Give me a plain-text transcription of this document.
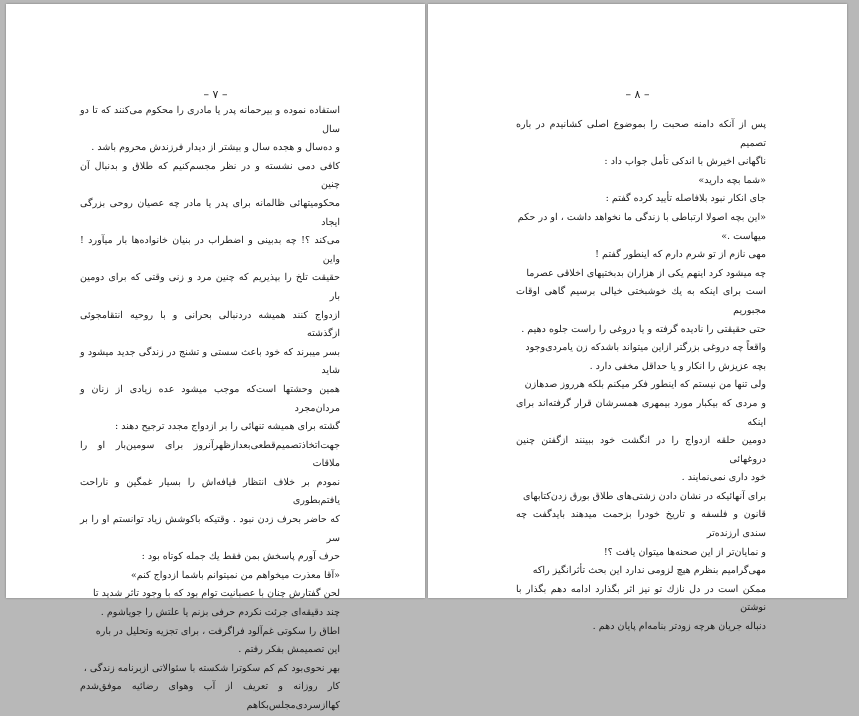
– ۷ –

استفاده نموده و بیرحمانه پدر یا مادری را محکوم می‌کنند که تا دو سال

و ده‌سال و هجده سال و بیشتر از دیدار فرزندش محروم باشد .

کافی دمی نشسته و در نظر مجسم‌کنیم که طلاق و بدنبال آن چنین

محکومیتهائی ظالمانه برای پدر یا مادر چه عصیان روحی بزرگی ایجاد

می‌کند ؟! چه بدبینی و اضطراب در بنیان خانواده‌ها بار میآورد ! واین

حقیقت تلخ را بپذیریم که چنین مرد و زنی وقتی که برای دومین بار

ازدواج کنند همیشه دردنبالی بحرانی و با روحیه انتقامجوئی ازگذشته

بسر میبرند که خود باعث سستی و تشنج در زندگی جدید میشود و شاید

همین وحشتها است‌که موجب میشود عده زیادی از زنان و مردان‌مجرد

گشته برای همیشه تنهائی را بر ازدواج مجدد ترجیح دهند :

جهت‌اتخاذتصمیم‌قطعی‌بعدازظهرآنروز برای سومین‌بار او را ملاقات

نمودم بر خلاف انتظار قیافه‌اش را بسیار غمگین و ناراحت یافتم‌بطوری

که حاضر بحرف زدن نبود . وقتیکه باکوشش زیاد توانستم او را بر سر

حرف آورم پاسخش بمن فقط یك جمله کوتاه بود :

«آقا معذرت میخواهم من نمیتوانم باشما ازدواج کنم»

لحن گفتارش چنان با عصبانیت توام بود که با وجود تاثر شدید تا

چند دقیقه‌ای جرئت نکردم حرفی بزنم یا علتش را جویاشوم .

اطاق را سکوتی غم‌آلود فراگرفت ، برای تجزیه وتحلیل در باره

این تصمیمش بفکر رفتم .

بهر نحوی‌بود کم کم سکوترا شکسته با سئوالاتی ازبرنامه زندگی ،

کار روزانه و تعریف از آب وهوای رضائیه موفق‌شدم کها‌ازسردی‌مجلس‌بکاهم

– ۸ –

پس از آنکه دامنه صحبت را بموضوع اصلی کشانیدم در باره تصمیم

ناگهانی اخیرش با اندکی تأمل جواب داد :

«شما بچه دارید»

جای انکار نبود بلافاصله تأیید کرده گفتم :

«این بچه اصولا ارتباطی با زندگی ما نخواهد داشت ، او در حکم

میهاست .»

مهی نازم از تو شرم دارم که اینطور گفتم !

چه میشود کرد اینهم یکی از هزاران بدبختیهای اخلاقی عصرما

است برای اینکه به یك خوشبختی خیالی برسیم گاهی اوقات مجبوریم

حتی حقیقتی را نادیده گرفته و یا دروغی را راست جلوه دهیم .

واقعاً چه دروغی بزرگتر ازاین میتواند باشدکه زن یامردی‌وجود

بچه عزیزش را انکار و یا حداقل مخفی دارد .

ولی تنها من نیستم که اینطور فکر میکنم بلکه هرروز صدهازن

و مردی که بیکبار مورد بیمهری همسرشان قرار گرفته‌اند برای اینکه

دومین حلقه ازدواج را در انگشت خود ببینند ازگفتن چنین دروغهائی

خود داری نمی‌نمایند .

برای آنهائیکه در نشان دادن زشتی‌های طلاق بورق زدن‌کتابهای

قانون و فلسفه و تاریخ خودرا بزحمت میدهند بایدگفت چه سندی ارزنده‌تر

و نمایان‌تر از این صحنه‌ها میتوان یافت ؟!

مهی‌گرامیم بنظرم هیچ لزومی ندارد این بحث تأثرانگیز راکه

ممکن است در دل نازك تو نیز اثر بگذارد ادامه دهم بگذار با نوشتن

دنباله جریان هرچه زودتر بنامه‌ام پایان دهم .
